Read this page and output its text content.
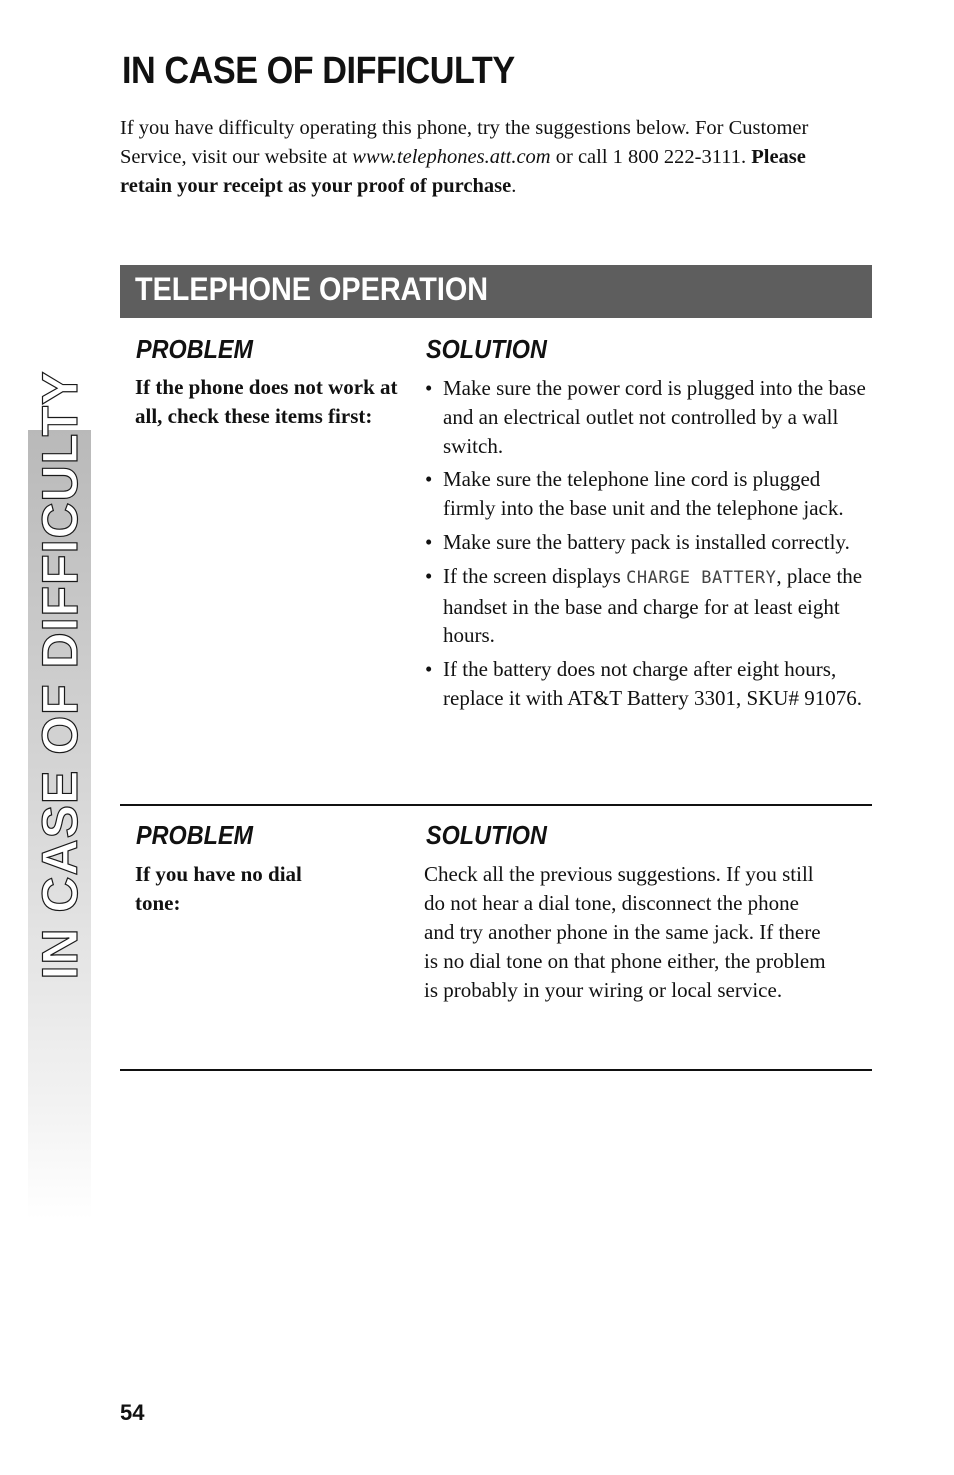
IN CASE OF DIFFICULTY
IN CASE OF DIFFICULTY

If you have difficulty operating this phone, try the suggestions below. For Customer Service, visit our website at www.telephones.att.com or call 1 800 222-3111. Please retain your receipt as your proof of purchase.

TELEPHONE OPERATION
PROBLEM	SOLUTION

If the phone does not work at all, check these items first:

• Make sure the power cord is plugged into the base and an electrical outlet not controlled by a wall switch.
• Make sure the telephone line cord is plugged firmly into the base unit and the telephone jack.
• Make sure the battery pack is installed correctly.
• If the screen displays CHARGE BATTERY, place the handset in the base and charge for at least eight hours.
• If the battery does not charge after eight hours, replace it with AT&T Battery 3301, SKU# 91076.
PROBLEM	SOLUTION

If you have no dial tone:

Check all the previous suggestions. If you still do not hear a dial tone, disconnect the phone and try another phone in the same jack. If there is no dial tone on that phone either, the problem is probably in your wiring or local service.

54
